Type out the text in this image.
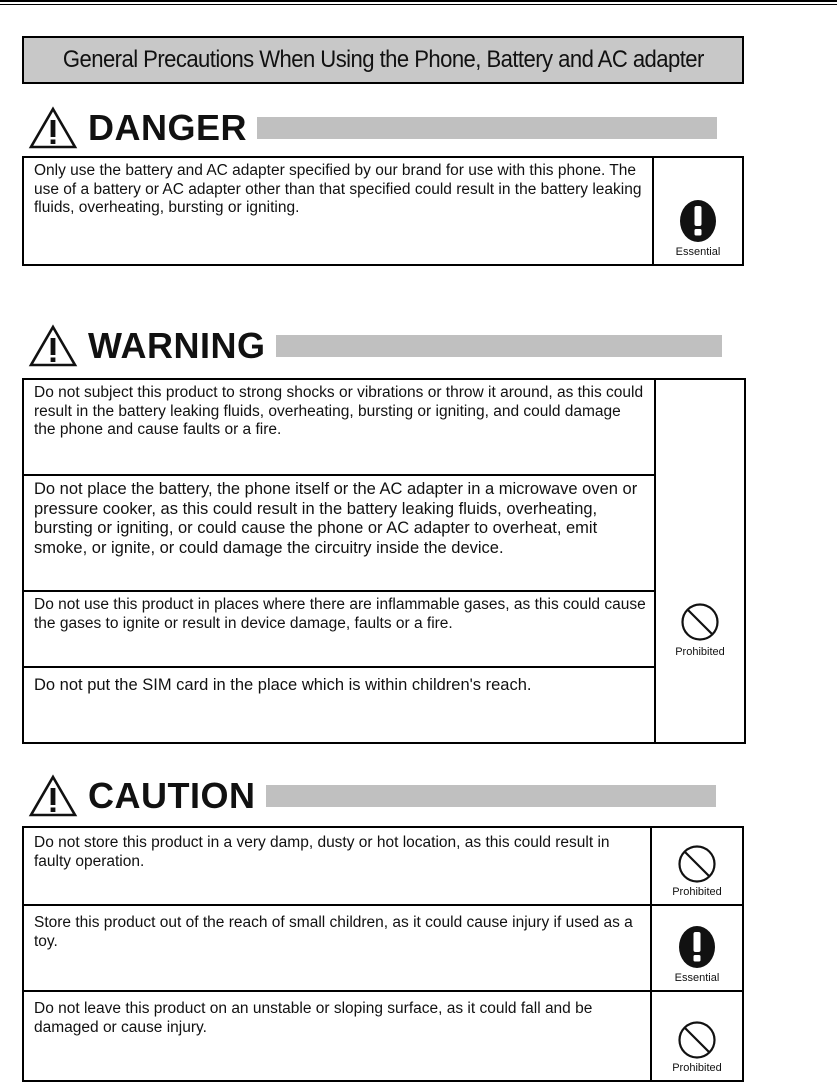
General Precautions When Using the Phone, Battery and AC adapter
DANGER
Only use the battery and AC adapter specified by our brand for use with this phone. The use of a battery or AC adapter other than that specified could result in the battery leaking fluids, overheating, bursting or igniting.
Essential
WARNING
Do not subject this product to strong shocks or vibrations or throw it around, as this could result in the battery leaking fluids, overheating, bursting or igniting, and could damage the phone and cause faults or a fire.
Do not place the battery, the phone itself or the AC adapter in a microwave oven or pressure cooker, as this could result in the battery leaking fluids, overheating, bursting or igniting, or could cause the phone or AC adapter to overheat, emit smoke, or ignite, or could damage the circuitry inside the device.
Do not use this product in places where there are inflammable gases, as this could cause the gases to ignite or result in device damage, faults or a fire.
Do not put the SIM card in the place which is within children's reach.
Prohibited
CAUTION
Do not store this product in a very damp, dusty or hot location, as this could result in faulty operation.
Prohibited
Store this product out of the reach of small children, as it could cause injury if used as a toy.
Essential
Do not leave this product on an unstable or sloping surface, as it could fall and be damaged or cause injury.
Prohibited
